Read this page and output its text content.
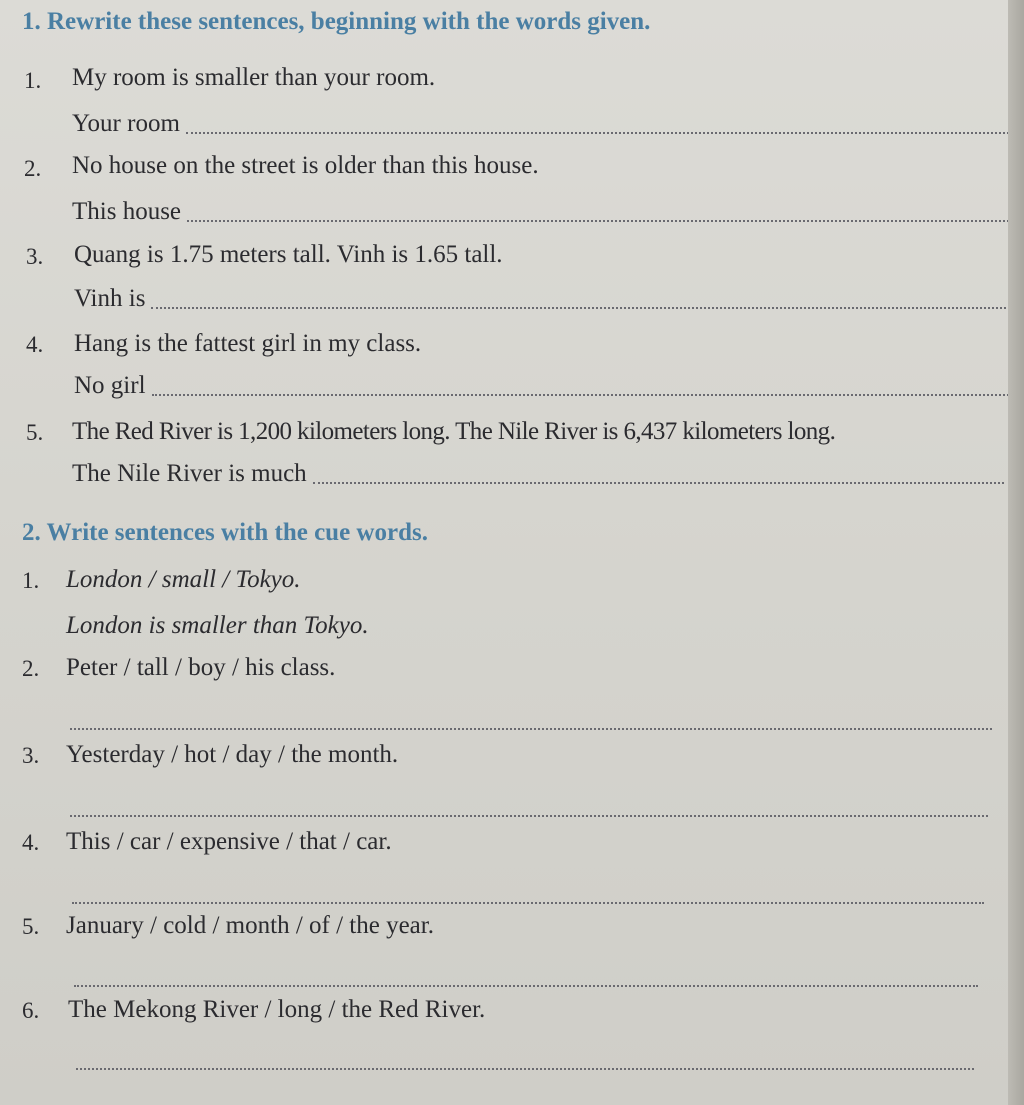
1. Rewrite these sentences, beginning with the words given.
1. My room is smaller than your room.
Your room
2. No house on the street is older than this house.
This house
3. Quang is 1.75 meters tall. Vinh is 1.65 tall.
Vinh is
4. Hang is the fattest girl in my class.
No girl
5. The Red River is 1,200 kilometers long. The Nile River is 6,437 kilometers long.
The Nile River is much
2. Write sentences with the cue words.
1. London / small / Tokyo.
London is smaller than Tokyo.
2. Peter / tall / boy / his class.
3. Yesterday / hot / day / the month.
4. This / car / expensive / that / car.
5. January / cold / month / of / the year.
6. The Mekong River / long / the Red River.
